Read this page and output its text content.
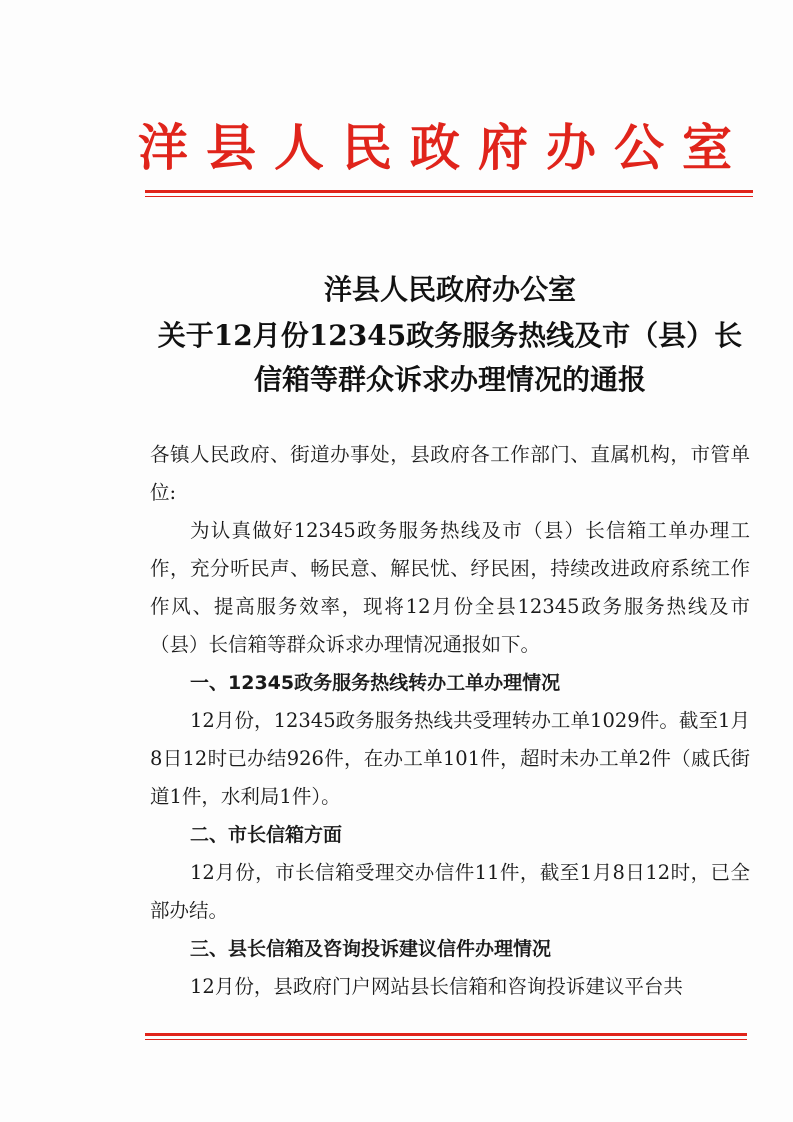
洋县人民政府办公室
洋县人民政府办公室
关于12月份12345政务服务热线及市（县）长
信箱等群众诉求办理情况的通报

各镇人民政府、街道办事处，县政府各工作部门、直属机构，市管单位:

为认真做好12345政务服务热线及市（县）长信箱工单办理工作，充分听民声、畅民意、解民忧、纾民困，持续改进政府系统工作作风、提高服务效率，现将12月份全县12345政务服务热线及市（县）长信箱等群众诉求办理情况通报如下。

一、12345政务服务热线转办工单办理情况

12月份，12345政务服务热线共受理转办工单1029件。截至1月8日12时已办结926件，在办工单101件，超时未办工单2件（戚氏街道1件，水利局1件）。

二、市长信箱方面

12月份，市长信箱受理交办信件11件，截至1月8日12时，已全部办结。

三、县长信箱及咨询投诉建议信件办理情况

12月份，县政府门户网站县长信箱和咨询投诉建议平台共
